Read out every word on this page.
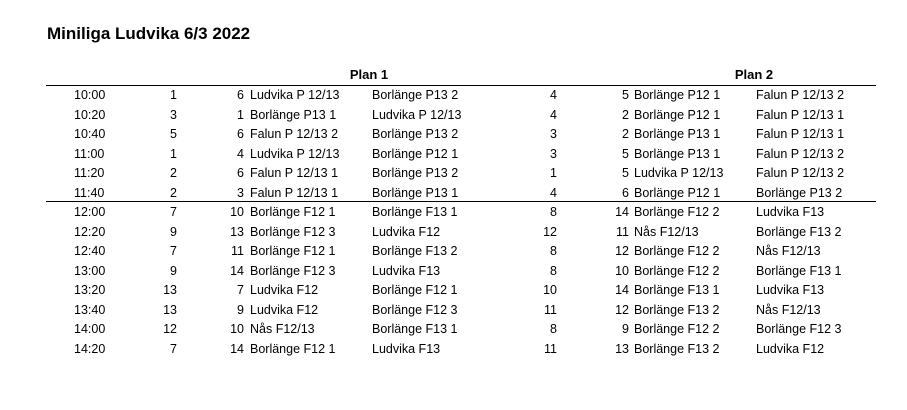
Miniliga Ludvika 6/3 2022
Plan 1	Plan 2
10:00	1	6 Ludvika P 12/13	Borlänge P13 2	4	5 Borlänge P12 1	Falun P 12/13 2
10:20	3	1 Borlänge P13 1	Ludvika P 12/13	4	2 Borlänge P12 1	Falun P 12/13 1
10:40	5	6 Falun P 12/13 2	Borlänge P13 2	3	2 Borlänge P13 1	Falun P 12/13 1
11:00	1	4 Ludvika P 12/13	Borlänge P12 1	3	5 Borlänge P13 1	Falun P 12/13 2
11:20	2	6 Falun P 12/13 1	Borlänge P13 2	1	5 Ludvika P 12/13	Falun P 12/13 2
11:40	2	3 Falun P 12/13 1	Borlänge P13 1	4	6 Borlänge P12 1	Borlänge P13 2
12:00	7	10 Borlänge F12 1	Borlänge F13 1	8	14 Borlänge F12 2	Ludvika F13
12:20	9	13 Borlänge F12 3	Ludvika F12	12	11 Nås F12/13	Borlänge F13 2
12:40	7	11 Borlänge F12 1	Borlänge F13 2	8	12 Borlänge F12 2	Nås F12/13
13:00	9	14 Borlänge F12 3	Ludvika F13	8	10 Borlänge F12 2	Borlänge F13 1
13:20	13	7 Ludvika F12	Borlänge F12 1	10	14 Borlänge F13 1	Ludvika F13
13:40	13	9 Ludvika F12	Borlänge F12 3	11	12 Borlänge F13 2	Nås F12/13
14:00	12	10 Nås F12/13	Borlänge F13 1	8	9 Borlänge F12 2	Borlänge F12 3
14:20	7	14 Borlänge F12 1	Ludvika F13	11	13 Borlänge F13 2	Ludvika F12
